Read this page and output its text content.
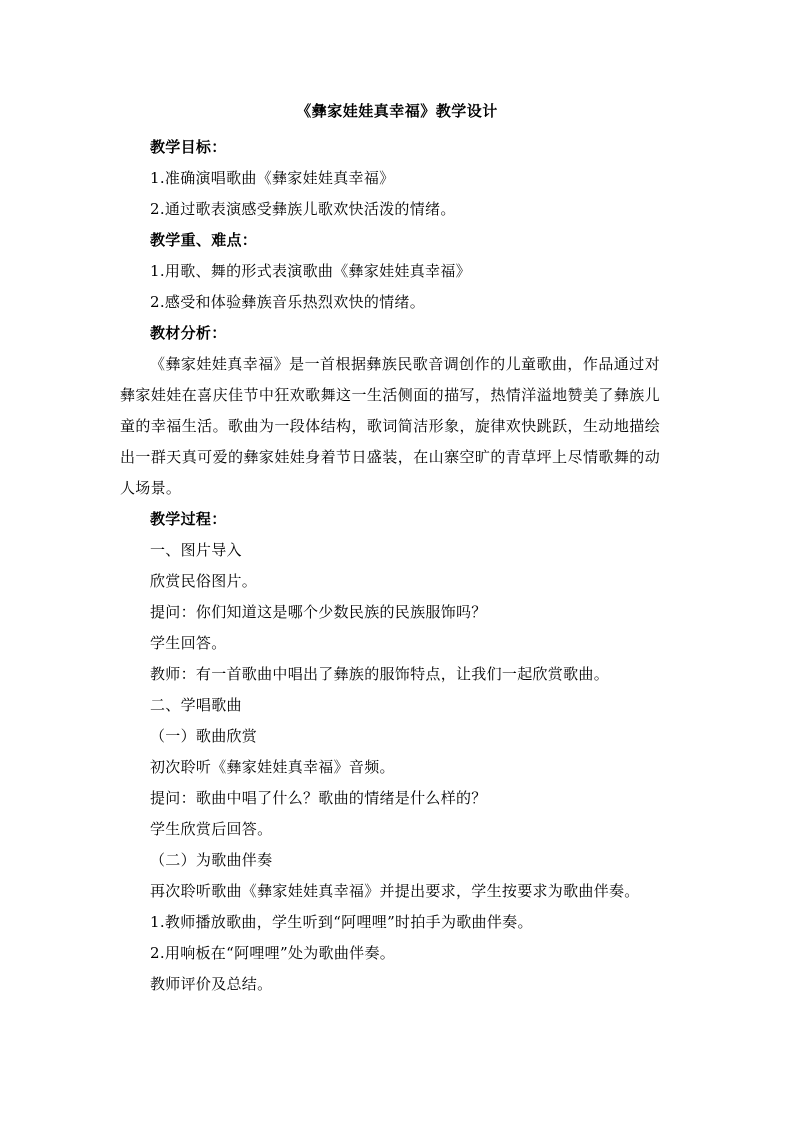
《彝家娃娃真幸福》教学设计
教学目标：
1.准确演唱歌曲《彝家娃娃真幸福》
2.通过歌表演感受彝族儿歌欢快活泼的情绪。
教学重、难点：
1.用歌、舞的形式表演歌曲《彝家娃娃真幸福》
2.感受和体验彝族音乐热烈欢快的情绪。
教材分析：
《彝家娃娃真幸福》是一首根据彝族民歌音调创作的儿童歌曲，作品通过对彝家娃娃在喜庆佳节中狂欢歌舞这一生活侧面的描写，热情洋溢地赞美了彝族儿童的幸福生活。歌曲为一段体结构，歌词简洁形象，旋律欢快跳跃，生动地描绘出一群天真可爱的彝家娃娃身着节日盛装，在山寨空旷的青草坪上尽情歌舞的动人场景。
教学过程：
一、图片导入
欣赏民俗图片。
提问：你们知道这是哪个少数民族的民族服饰吗？
学生回答。
教师：有一首歌曲中唱出了彝族的服饰特点，让我们一起欣赏歌曲。
二、学唱歌曲
（一）歌曲欣赏
初次聆听《彝家娃娃真幸福》音频。
提问：歌曲中唱了什么？歌曲的情绪是什么样的？
学生欣赏后回答。
（二）为歌曲伴奏
再次聆听歌曲《彝家娃娃真幸福》并提出要求，学生按要求为歌曲伴奏。
1.教师播放歌曲，学生听到“阿哩哩”时拍手为歌曲伴奏。
2.用响板在“阿哩哩”处为歌曲伴奏。
教师评价及总结。
